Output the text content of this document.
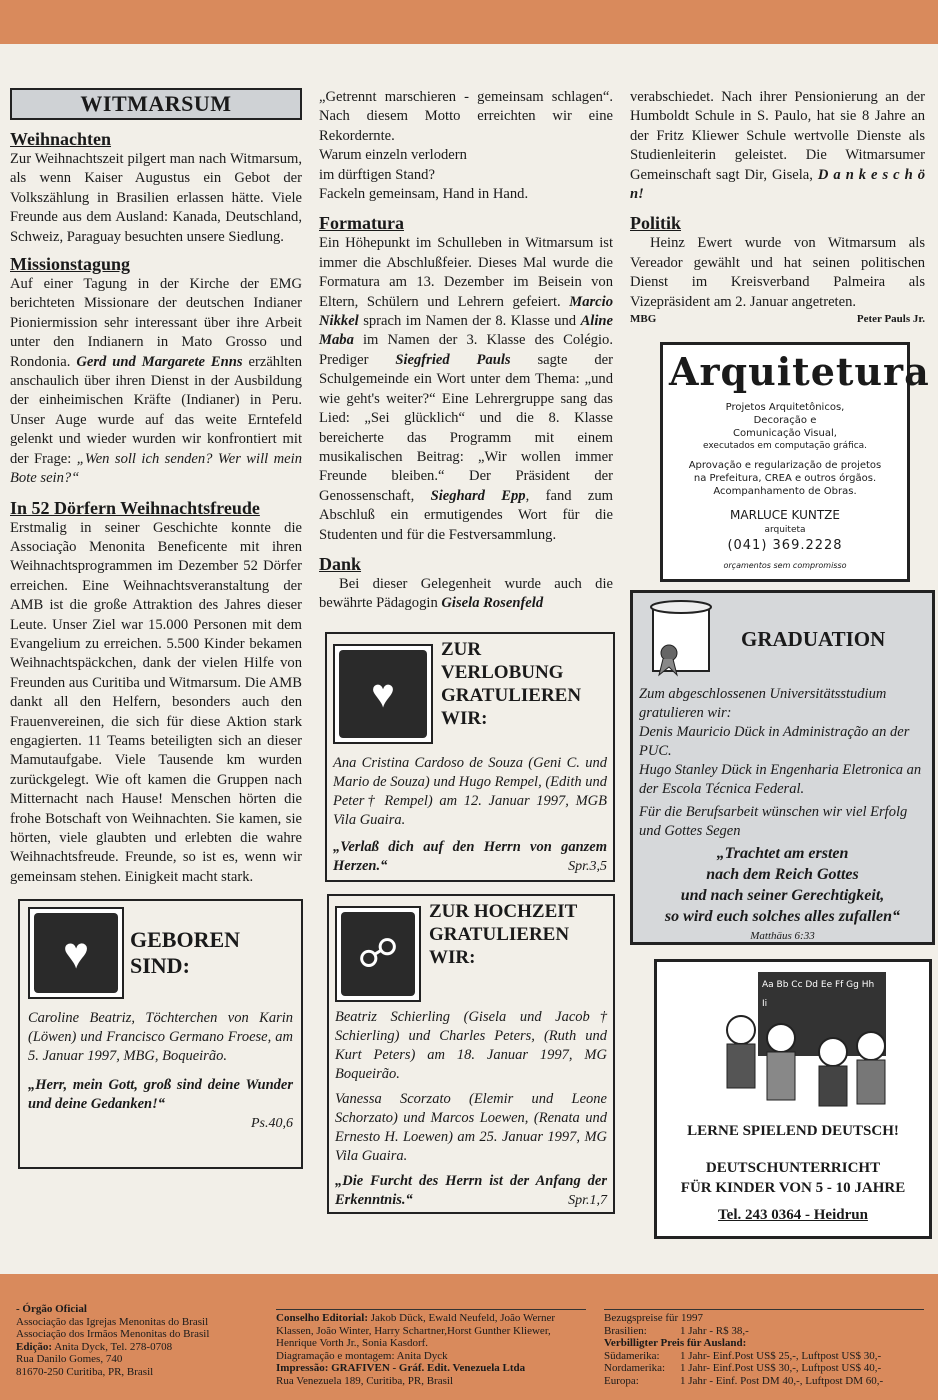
WITMARSUM
Weihnachten

Zur Weihnachtszeit pilgert man nach Witmarsum, als wenn Kaiser Augustus ein Gebot der Volkszählung in Brasilien erlassen hätte. Viele Freunde aus dem Ausland: Kanada, Deutschland, Schweiz, Paraguay besuchten unsere Siedlung.

Missionstagung

Auf einer Tagung in der Kirche der EMG berichteten Missionare der deutschen Indianer Pioniermission sehr interessant über ihre Arbeit unter den Indianern in Mato Grosso und Rondonia. Gerd und Margarete Enns erzählten anschaulich über ihren Dienst in der Ausbildung der einheimischen Kräfte (Indianer) in Peru. Unser Auge wurde auf das weite Erntefeld gelenkt und wieder wurden wir konfrontiert mit der Frage: „Wen soll ich senden? Wer will mein Bote sein?“

In 52 Dörfern Weihnachtsfreude

Erstmalig in seiner Geschichte konnte die Associação Menonita Beneficente mit ihren Weihnachtsprogrammen im Dezember 52 Dörfer erreichen. Eine Weihnachtsveranstaltung der AMB ist die große Attraktion des Jahres dieser Leute. Unser Ziel war 15.000 Personen mit dem Evangelium zu erreichen. 5.500 Kinder bekamen Weihnachtspäckchen, dank der vielen Hilfe von Freunden aus Curitiba und Witmarsum. Die AMB dankt all den Helfern, besonders auch den Frauenvereinen, die sich für diese Aktion stark engagierten. 11 Teams beteiligten sich an dieser Mamutaufgabe. Viele Tausende km wurden zurückgelegt. Wie oft kamen die Gruppen nach Mitternacht nach Hause! Menschen hörten die frohe Botschaft von Weihnachten. Sie kamen, sie hörten, viele glaubten und erlebten die wahre Weihnachtsfreude. Freunde, so ist es, wenn wir gemeinsam stehen. Einigkeit macht stark.

♥	GEBOREN SIND:

Caroline Beatriz, Töchterchen von Karin (Löwen) und Francisco Germano Froese, am 5. Januar 1997, MBG, Boqueirão.

„Herr, mein Gott, groß sind deine Wunder und deine Gedanken!“

Ps.40,6

„Getrennt marschieren - gemeinsam schlagen“. Nach diesem Motto erreichten wir eine Rekordernte.

Warum einzeln verlodern

im dürftigen Stand?

Fackeln gemeinsam, Hand in Hand.

Formatura

Ein Höhepunkt im Schulleben in Witmarsum ist immer die Abschlußfeier. Dieses Mal wurde die Formatura am 13. Dezember im Beisein von Eltern, Schülern und Lehrern gefeiert. Marcio Nikkel sprach im Namen der 8. Klasse und Aline Maba im Namen der 3. Klasse des Colégio. Prediger Siegfried Pauls sagte der Schulgemeinde ein Wort unter dem Thema: „und wie geht's weiter?“ Eine Lehrergruppe sang das Lied: „Sei glücklich“ und die 8. Klasse bereicherte das Programm mit einem musikalischen Beitrag: „Wir wollen immer Freunde bleiben.“ Der Präsident der Genossenschaft, Sieghard Epp, fand zum Abschluß ein ermutigendes Wort für die Studenten und für die Festversammlung.

Dank

Bei dieser Gelegenheit wurde auch die bewährte Pädagogin Gisela Rosenfeld

♥
ZUR VERLOBUNG GRATULIEREN WIR:

Ana Cristina Cardoso de Souza (Geni C. und Mario de Souza) und Hugo Rempel, (Edith und Peter† Rempel) am 12. Januar 1997, MGB Vila Guaira.

„Verlaß dich auf den Herrn von ganzem Herzen.“	Spr.3,5

☍
ZUR HOCHZEIT GRATULIEREN WIR:

Beatriz Schierling (Gisela und Jacob† Schierling) und Charles Peters, (Ruth und Kurt Peters) am 18. Januar 1997, MG Boqueirão.

Vanessa Scorzato (Elemir und Leone Schorzato) und Marcos Loewen, (Renata und Ernesto H. Loewen) am 25. Januar 1997, MG Vila Guaira.

„Die Furcht des Herrn ist der Anfang der Erkenntnis.“	Spr.1,7

verabschiedet. Nach ihrer Pensionierung an der Humboldt Schule in S. Paulo, hat sie 8 Jahre an der Fritz Kliewer Schule wertvolle Dienste als Studienleiterin geleistet. Die Witmarsumer Gemeinschaft sagt Dir, Gisela, D a n k e s c h ö n!

Politik

Heinz Ewert wurde von Witmarsum als Vereador gewählt und hat seinen politischen Dienst im Kreisverband Palmeira als Vizepräsident am 2. Januar angetreten.

MBG	Peter Pauls Jr.
Arquitetura
Projetos Arquitetônicos,
Decoração e
Comunicação Visual,
executados em computação gráfica.
Aprovação e regularização de projetos
na Prefeitura, CREA e outros órgãos.
Acompanhamento de Obras.
MARLUCE KUNTZE
arquiteta
(041) 369.2228
orçamentos sem compromisso
GRADUATION

Zum abgeschlossenen Universitätsstudium gratulieren wir:

Denis Mauricio Dück in Administração an der PUC.

Hugo Stanley Dück in Engenharia Eletronica an der Escola Técnica Federal.

Für die Berufsarbeit wünschen wir viel Erfolg und Gottes Segen

„Trachtet am ersten
nach dem Reich Gottes
und nach seiner Gerechtigkeit,
so wird euch solches alles zufallen“
Matthäus 6:33
Aa Bb Cc Dd Ee Ff Gg Hh Ii
LERNE SPIELEND DEUTSCH!
DEUTSCHUNTERRICHT
FÜR KINDER VON 5 - 10 JAHRE
Tel. 243 0364 - Heidrun
- Órgão Oficial
Associação das Igrejas Menonitas do Brasil
Associação dos Irmãos Menonitas do Brasil
Edição: Anita Dyck, Tel. 278-0708
Rua Danilo Gomes, 740
81670-250 Curitiba, PR, Brasil
Conselho Editorial: Jakob Dück, Ewald Neufeld, João Werner Klassen, João Winter, Harry Schartner,Horst Gunther Kliewer, Henrique Vorth Jr., Sonia Kasdorf.
Diagramação e montagem: Anita Dyck
Impressão: GRAFIVEN - Gráf. Edit. Venezuela Ltda
Rua Venezuela 189, Curitiba, PR, Brasil
Bezugspreise für 1997
Brasilien:	1 Jahr - R$ 38,-
Verbilligter Preis für Ausland:
Südamerika:	1 Jahr- Einf.Post US$ 25,-, Luftpost US$ 30,-
Nordamerika:	1 Jahr- Einf.Post US$ 30,-, Luftpost US$ 40,-
Europa:	1 Jahr - Einf. Post DM 40,-, Luftpost DM 60,-
